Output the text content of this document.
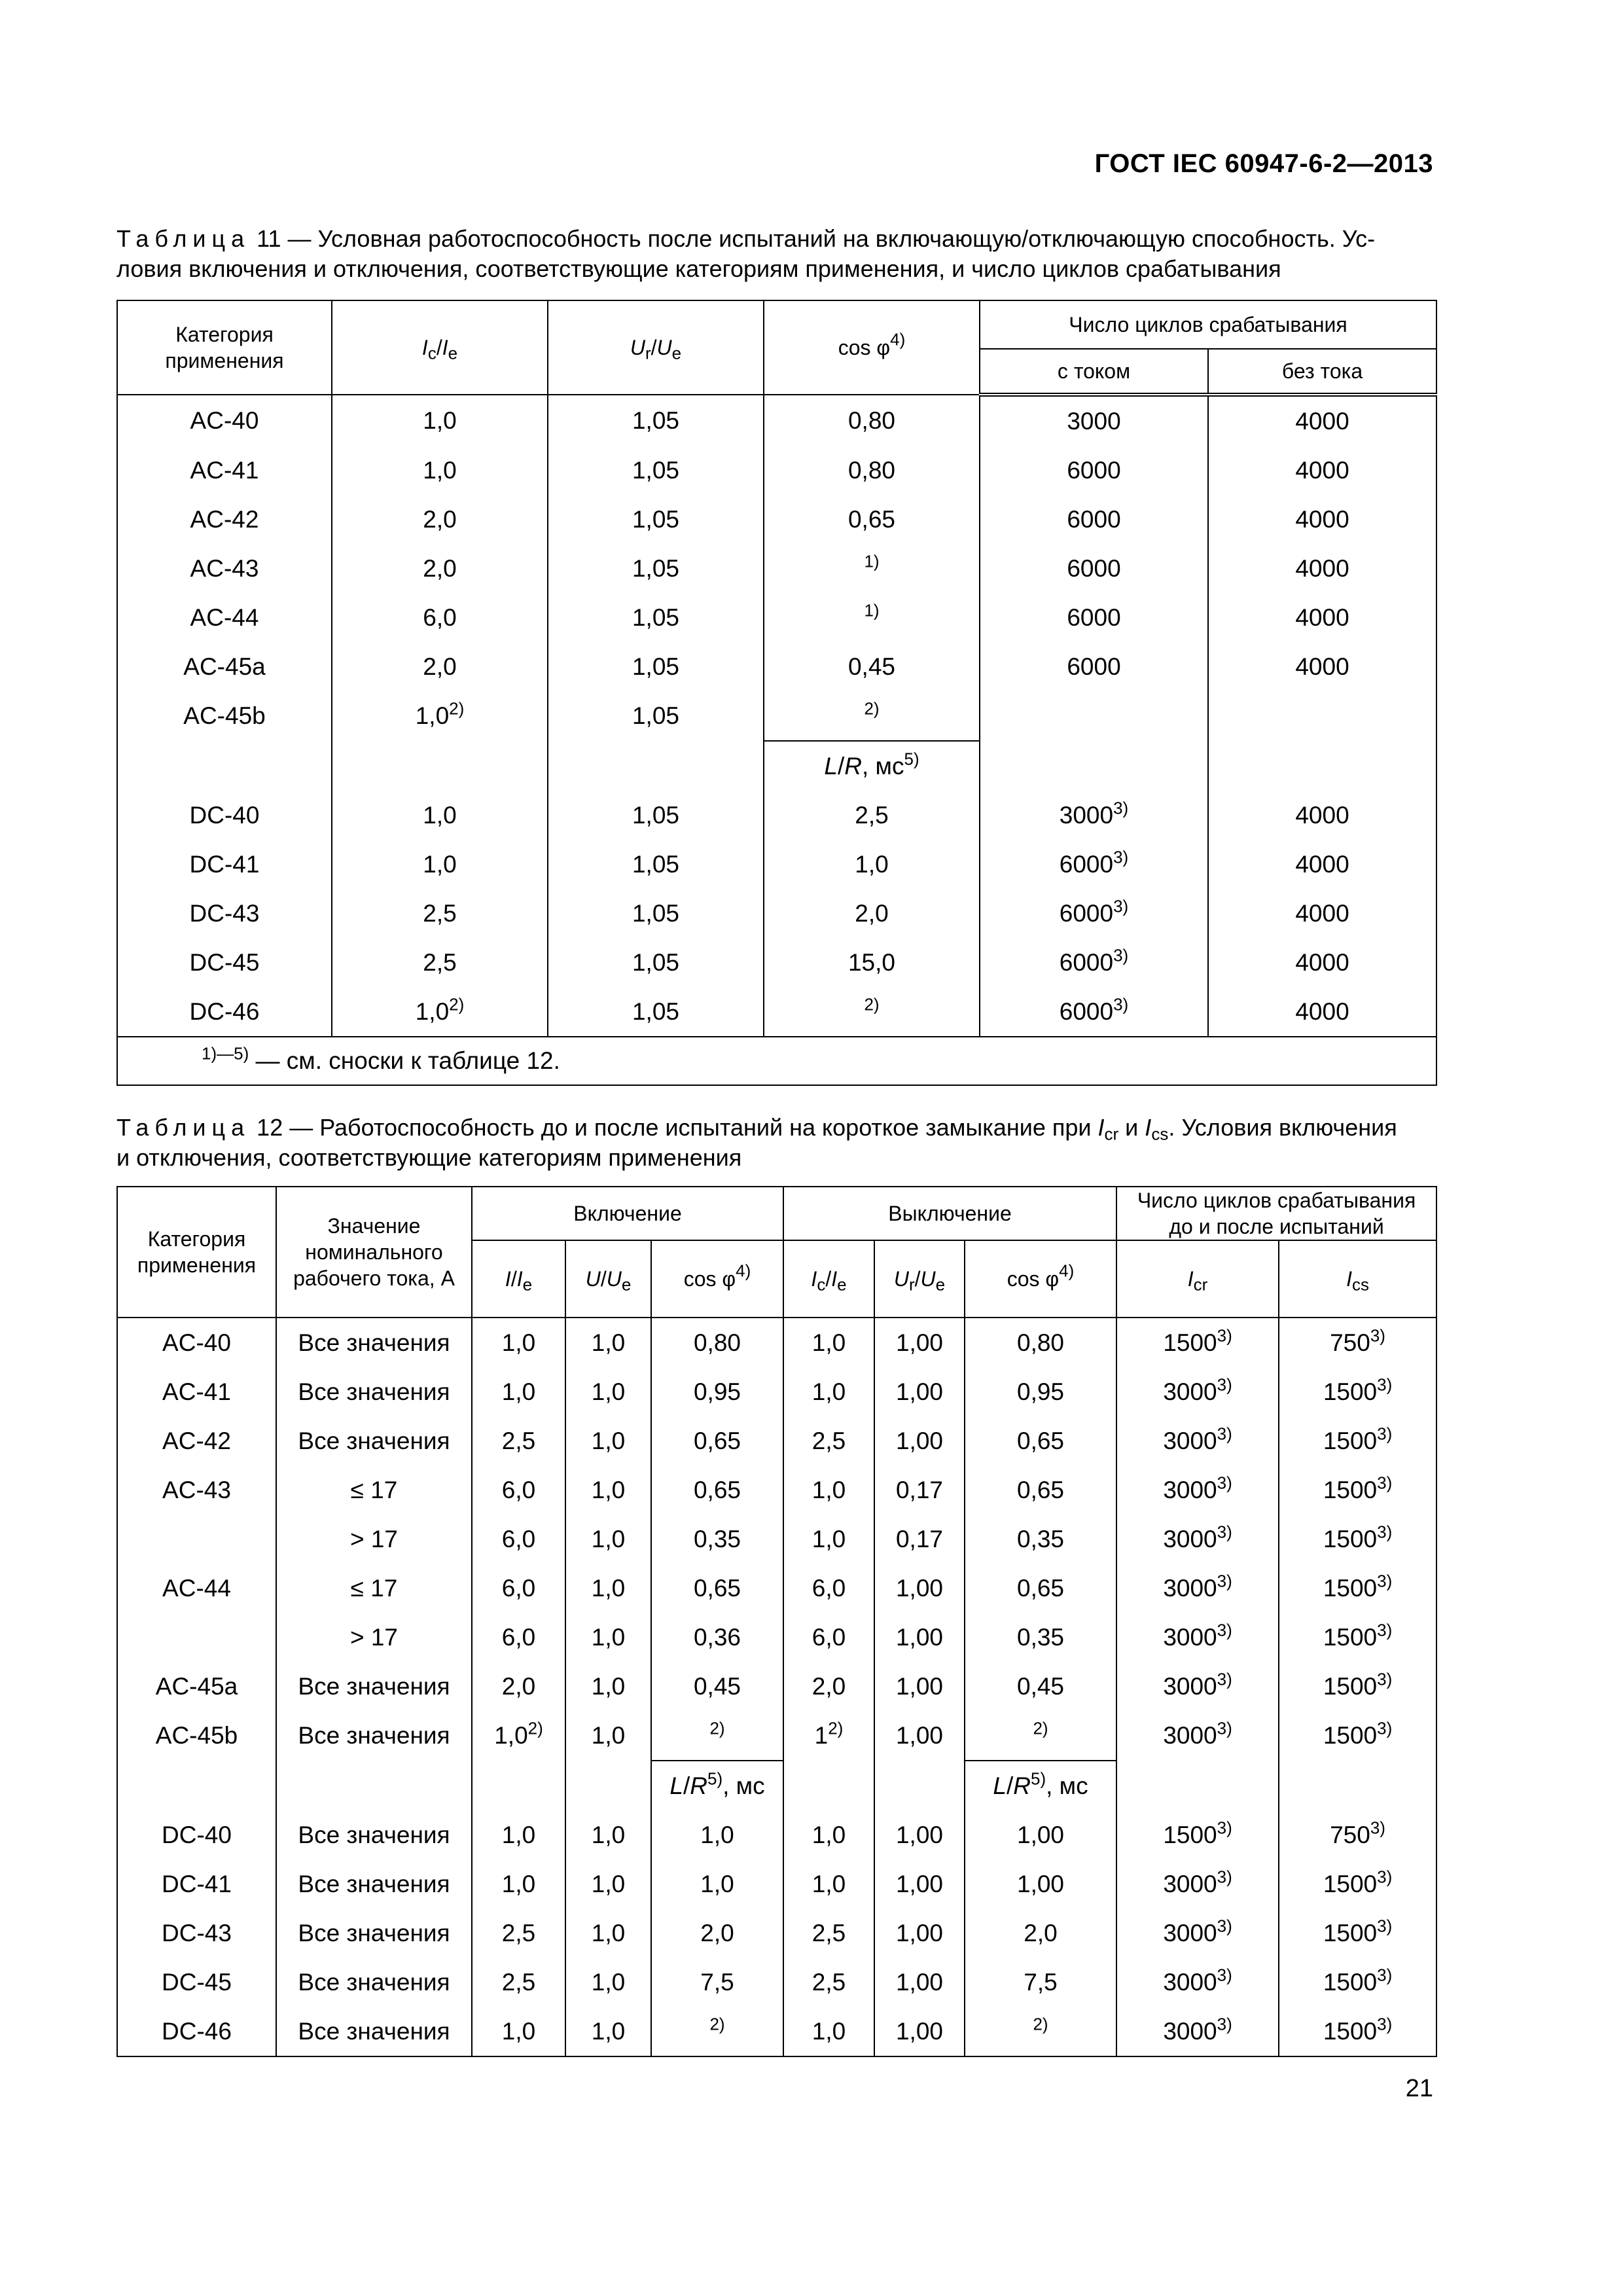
ГОСТ IEC 60947-6-2—2013

Таблица 11 — Условная работоспособность после испытаний на включающую/отключающую способность. Ус-

ловия включения и отключения, соответствующие категориям применения, и число циклов срабатывания

Категория применения	$I_c/I_e$	$U_r/U_e$	$\cos \varphi^{4)}$	Число циклов срабатывания	
				с током	без тока
AC-40	1,0	1,05	0,80	3000	4000
AC-41	1,0	1,05	0,80	6000	4000
AC-42	2,0	1,05	0,65	6000	4000
AC-43	2,0	1,05	$^{1)}$	6000	4000
AC-44	6,0	1,05	$^{1)}$	6000	4000
AC-45a	2,0	1,05	0,45	6000	4000
AC-45b	1,0$^{2)}$	1,05	$^{2)}$		
			L/R, $мс^{5)}$		
DC-40	1,0	1,05	2,5	3000$^{3)}$	4000
DC-41	1,0	1,05	1,0	6000$^{3)}$	4000
DC-43	2,5	1,05	2,0	6000$^{3)}$	4000
DC-45	2,5	1,05	15,0	6000$^{3)}$	4000
DC-46	1,0$^{2)}$	1,05	$^{2)}$	6000$^{3)}$	4000
$^{1)—5)}$ — см. сноски к таблице 12.					

Таблица 12 — Работоспособность до и после испытаний на короткое замыкание при $I_{cr}$ и $I_{cs}$. Условия включения

и отключения, соответствующие категориям применения

Категория применения	Значение номинального рабочего тока, А	Включение			Выключение			Число циклов срабатывания до и после испытаний	
		$I/I_e$	$U/U_e$	$\cos \varphi^{4)}$	$I_c/I_e$	$U_r/U_e$	$\cos \varphi^{4)}$	$I_{cr}$	$I_{cs}$

AC-40	Все значения	1,0	1,0	0,80	1,0	1,00	0,80	1500$^{3)}$	750$^{3)}$
AC-41	Все значения	1,0	1,0	0,95	1,0	1,00	0,95	3000$^{3)}$	1500$^{3)}$
AC-42	Все значения	2,5	1,0	0,65	2,5	1,00	0,65	3000$^{3)}$	1500$^{3)}$
AC-43	≤ 17	6,0	1,0	0,65	1,0	0,17	0,65	3000$^{3)}$	1500$^{3)}$
	> 17	6,0	1,0	0,35	1,0	0,17	0,35	3000$^{3)}$	1500$^{3)}$
AC-44	≤ 17	6,0	1,0	0,65	6,0	1,00	0,65	3000$^{3)}$	1500$^{3)}$
	> 17	6,0	1,0	0,36	6,0	1,00	0,35	3000$^{3)}$	1500$^{3)}$
AC-45a	Все значения	2,0	1,0	0,45	2,0	1,00	0,45	3000$^{3)}$	1500$^{3)}$
AC-45b	Все значения	1,0$^{2)}$	1,0	$^{2)}$	1$^{2)}$	1,00	$^{2)}$	3000$^{3)}$	1500$^{3)}$
				$L/R^{5)}$, мс			$L/R^{5)}$, мс		
DC-40	Все значения	1,0	1,0	1,0	1,0	1,00	1,00	1500$^{3)}$	750$^{3)}$
DC-41	Все значения	1,0	1,0	1,0	1,0	1,00	1,00	3000$^{3)}$	1500$^{3)}$
DC-43	Все значения	2,5	1,0	2,0	2,5	1,00	2,0	3000$^{3)}$	1500$^{3)}$
DC-45	Все значения	2,5	1,0	7,5	2,5	1,00	7,5	3000$^{3)}$	1500$^{3)}$
DC-46	Все значения	1,0	1,0	$^{2)}$	1,0	1,00	$^{2)}$	3000$^{3)}$	1500$^{3)}$
21
